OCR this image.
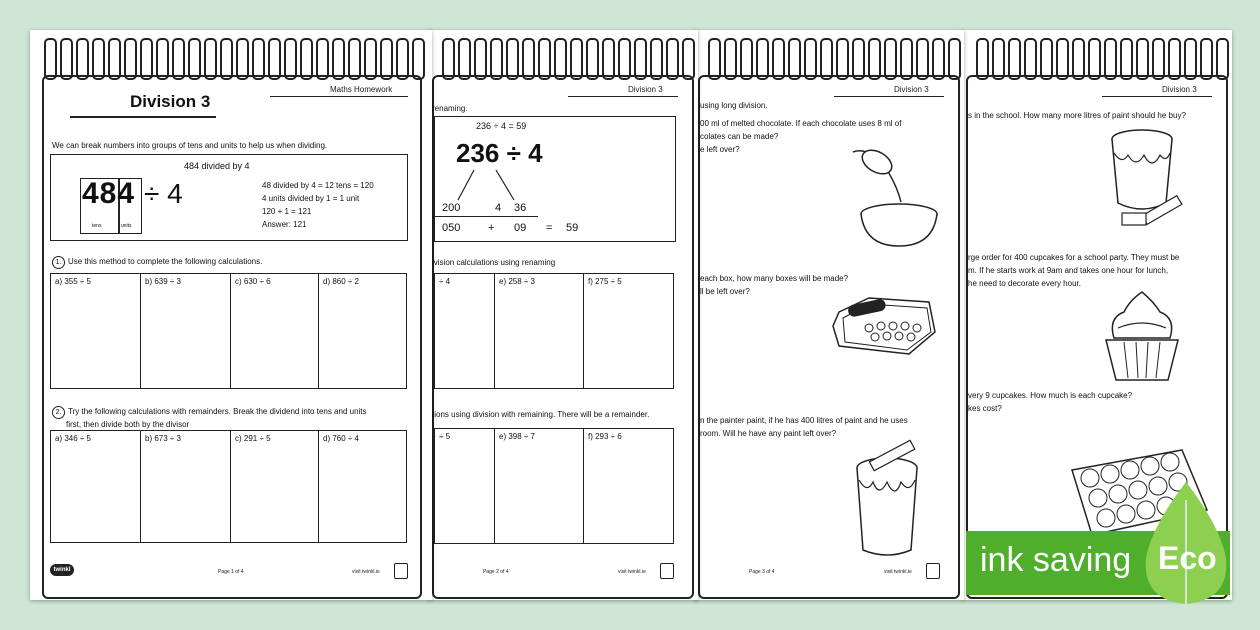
Division 3
s in the school. How many more litres of paint should he buy?
rge order for 400 cupcakes for a school party. They must be
m. If he starts work at 9am and takes one hour for lunch,
he need to decorate every hour.
very 9 cupcakes. How much is each cupcake?
kes cost?
Division 3
using long division.
00 ml of melted chocolate. If each chocolate uses 8 ml of
colates can be made?
e left over?
each box, how many boxes will be made?
ll be left over?
n the painter paint, if he has 400 litres of paint and he uses
room. Will he have any paint left over?
Page 3 of 4	visit twinkl.ie
Division 3
renaming.
236 ÷ 4 = 59
236 ÷ 4
200	4 36
050	+ 09 = 59
ivision calculations using renaming
÷ 4	e) 258 ÷ 3	f) 275 ÷ 5
tions using division with remaining. There will be a remainder.
÷ 5	e) 398 ÷ 7	f) 293 ÷ 6
Page 2 of 4	visit twinkl.ie
Division 3
Maths Homework
We can break numbers into groups of tens and units to help us when dividing.
484 divided by 4
484 ÷ 4
tens	units
48 divided by 4 = 12 tens = 120
4 units divided by 1 = 1 unit
120 + 1 = 121
Answer: 121
1. Use this method to complete the following calculations.
a) 355 ÷ 5	b) 639 ÷ 3	c) 630 ÷ 6	d) 860 ÷ 2
2. Try the following calculations with remainders. Break the dividend into tens and units
first, then divide both by the divisor
a) 346 ÷ 5	b) 673 ÷ 3	c) 291 ÷ 5	d) 760 ÷ 4
twinkl	Page 1 of 4	visit twinkl.ie	ink saving Eco
